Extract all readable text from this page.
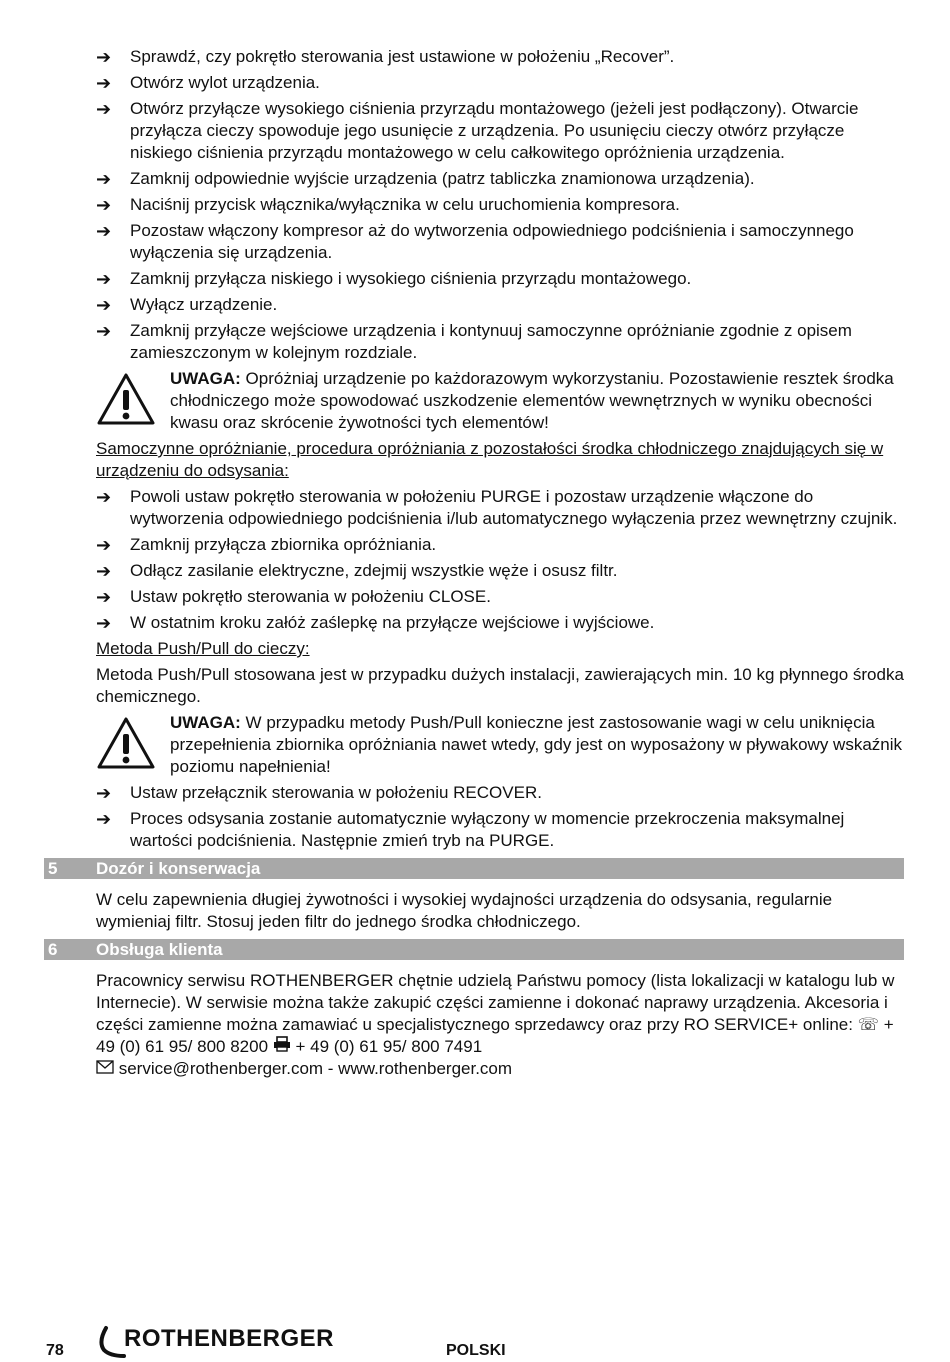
➔	Sprawdź, czy pokrętło sterowania jest ustawione w położeniu „Recover”.
➔	Otwórz wylot urządzenia.
➔	Otwórz przyłącze wysokiego ciśnienia przyrządu montażowego (jeżeli jest podłączony). Otwarcie przyłącza cieczy spowoduje jego usunięcie z urządzenia. Po usunięciu cieczy otwórz przyłącze niskiego ciśnienia przyrządu montażowego w celu całkowitego opróżnienia urządzenia.
➔	Zamknij odpowiednie wyjście urządzenia (patrz tabliczka znamionowa urządzenia).
➔	Naciśnij przycisk włącznika/wyłącznika w celu uruchomienia kompresora.
➔	Pozostaw włączony kompresor aż do wytworzenia odpowiedniego podciśnienia i samoczynnego wyłączenia się urządzenia.
➔	Zamknij przyłącza niskiego i wysokiego ciśnienia przyrządu montażowego.
➔	Wyłącz urządzenie.
➔	Zamknij przyłącze wejściowe urządzenia i kontynuuj samoczynne opróżnianie zgodnie z opisem zamieszczonym w kolejnym rozdziale.
UWAGA: Opróżniaj urządzenie po każdorazowym wykorzystaniu. Pozostawienie resztek środka chłodniczego może spowodować uszkodzenie elementów wewnętrznych w wyniku obecności kwasu oraz skrócenie żywotności tych elementów!
Samoczynne opróżnianie, procedura opróżniania z pozostałości środka chłodniczego znajdujących się w urządzeniu do odsysania:
➔	Powoli ustaw pokrętło sterowania w położeniu PURGE i pozostaw urządzenie włączone do wytworzenia odpowiedniego podciśnienia i/lub automatycznego wyłączenia przez wewnętrzny czujnik.
➔	Zamknij przyłącza zbiornika opróżniania.
➔	Odłącz zasilanie elektryczne, zdejmij wszystkie węże i osusz filtr.
➔	Ustaw pokrętło sterowania w położeniu CLOSE.
➔	W ostatnim kroku załóż zaślepkę na przyłącze wejściowe i wyjściowe.
Metoda Push/Pull do cieczy:
Metoda Push/Pull stosowana jest w przypadku dużych instalacji, zawierających min. 10 kg płynnego środka chemicznego.
UWAGA: W przypadku metody Push/Pull konieczne jest zastosowanie wagi w celu uniknięcia przepełnienia zbiornika opróżniania nawet wtedy, gdy jest on wyposażony w pływakowy wskaźnik poziomu napełnienia!
➔	Ustaw przełącznik sterowania w położeniu RECOVER.
➔	Proces odsysania zostanie automatycznie wyłączony w momencie przekroczenia maksymalnej wartości podciśnienia. Następnie zmień tryb na PURGE.
5 Dozór i konserwacja
W celu zapewnienia długiej żywotności i wysokiej wydajności urządzenia do odsysania, regularnie wymieniaj filtr. Stosuj jeden filtr do jednego środka chłodniczego.
6 Obsługa klienta
Pracownicy serwisu ROTHENBERGER chętnie udzielą Państwu pomocy (lista lokalizacji w katalogu lub w Internecie). W serwisie można także zakupić części zamienne i dokonać naprawy urządzenia. Akcesoria i części zamienne można zamawiać u specjalistycznego sprzedawcy oraz przy RO SERVICE+ online: ☏ + 49 (0) 61 95/ 800 8200  + 49 (0) 61 95/ 800 7491
service@rothenberger.com - www.rothenberger.com
78	ROTHENBERGER	POLSKI
